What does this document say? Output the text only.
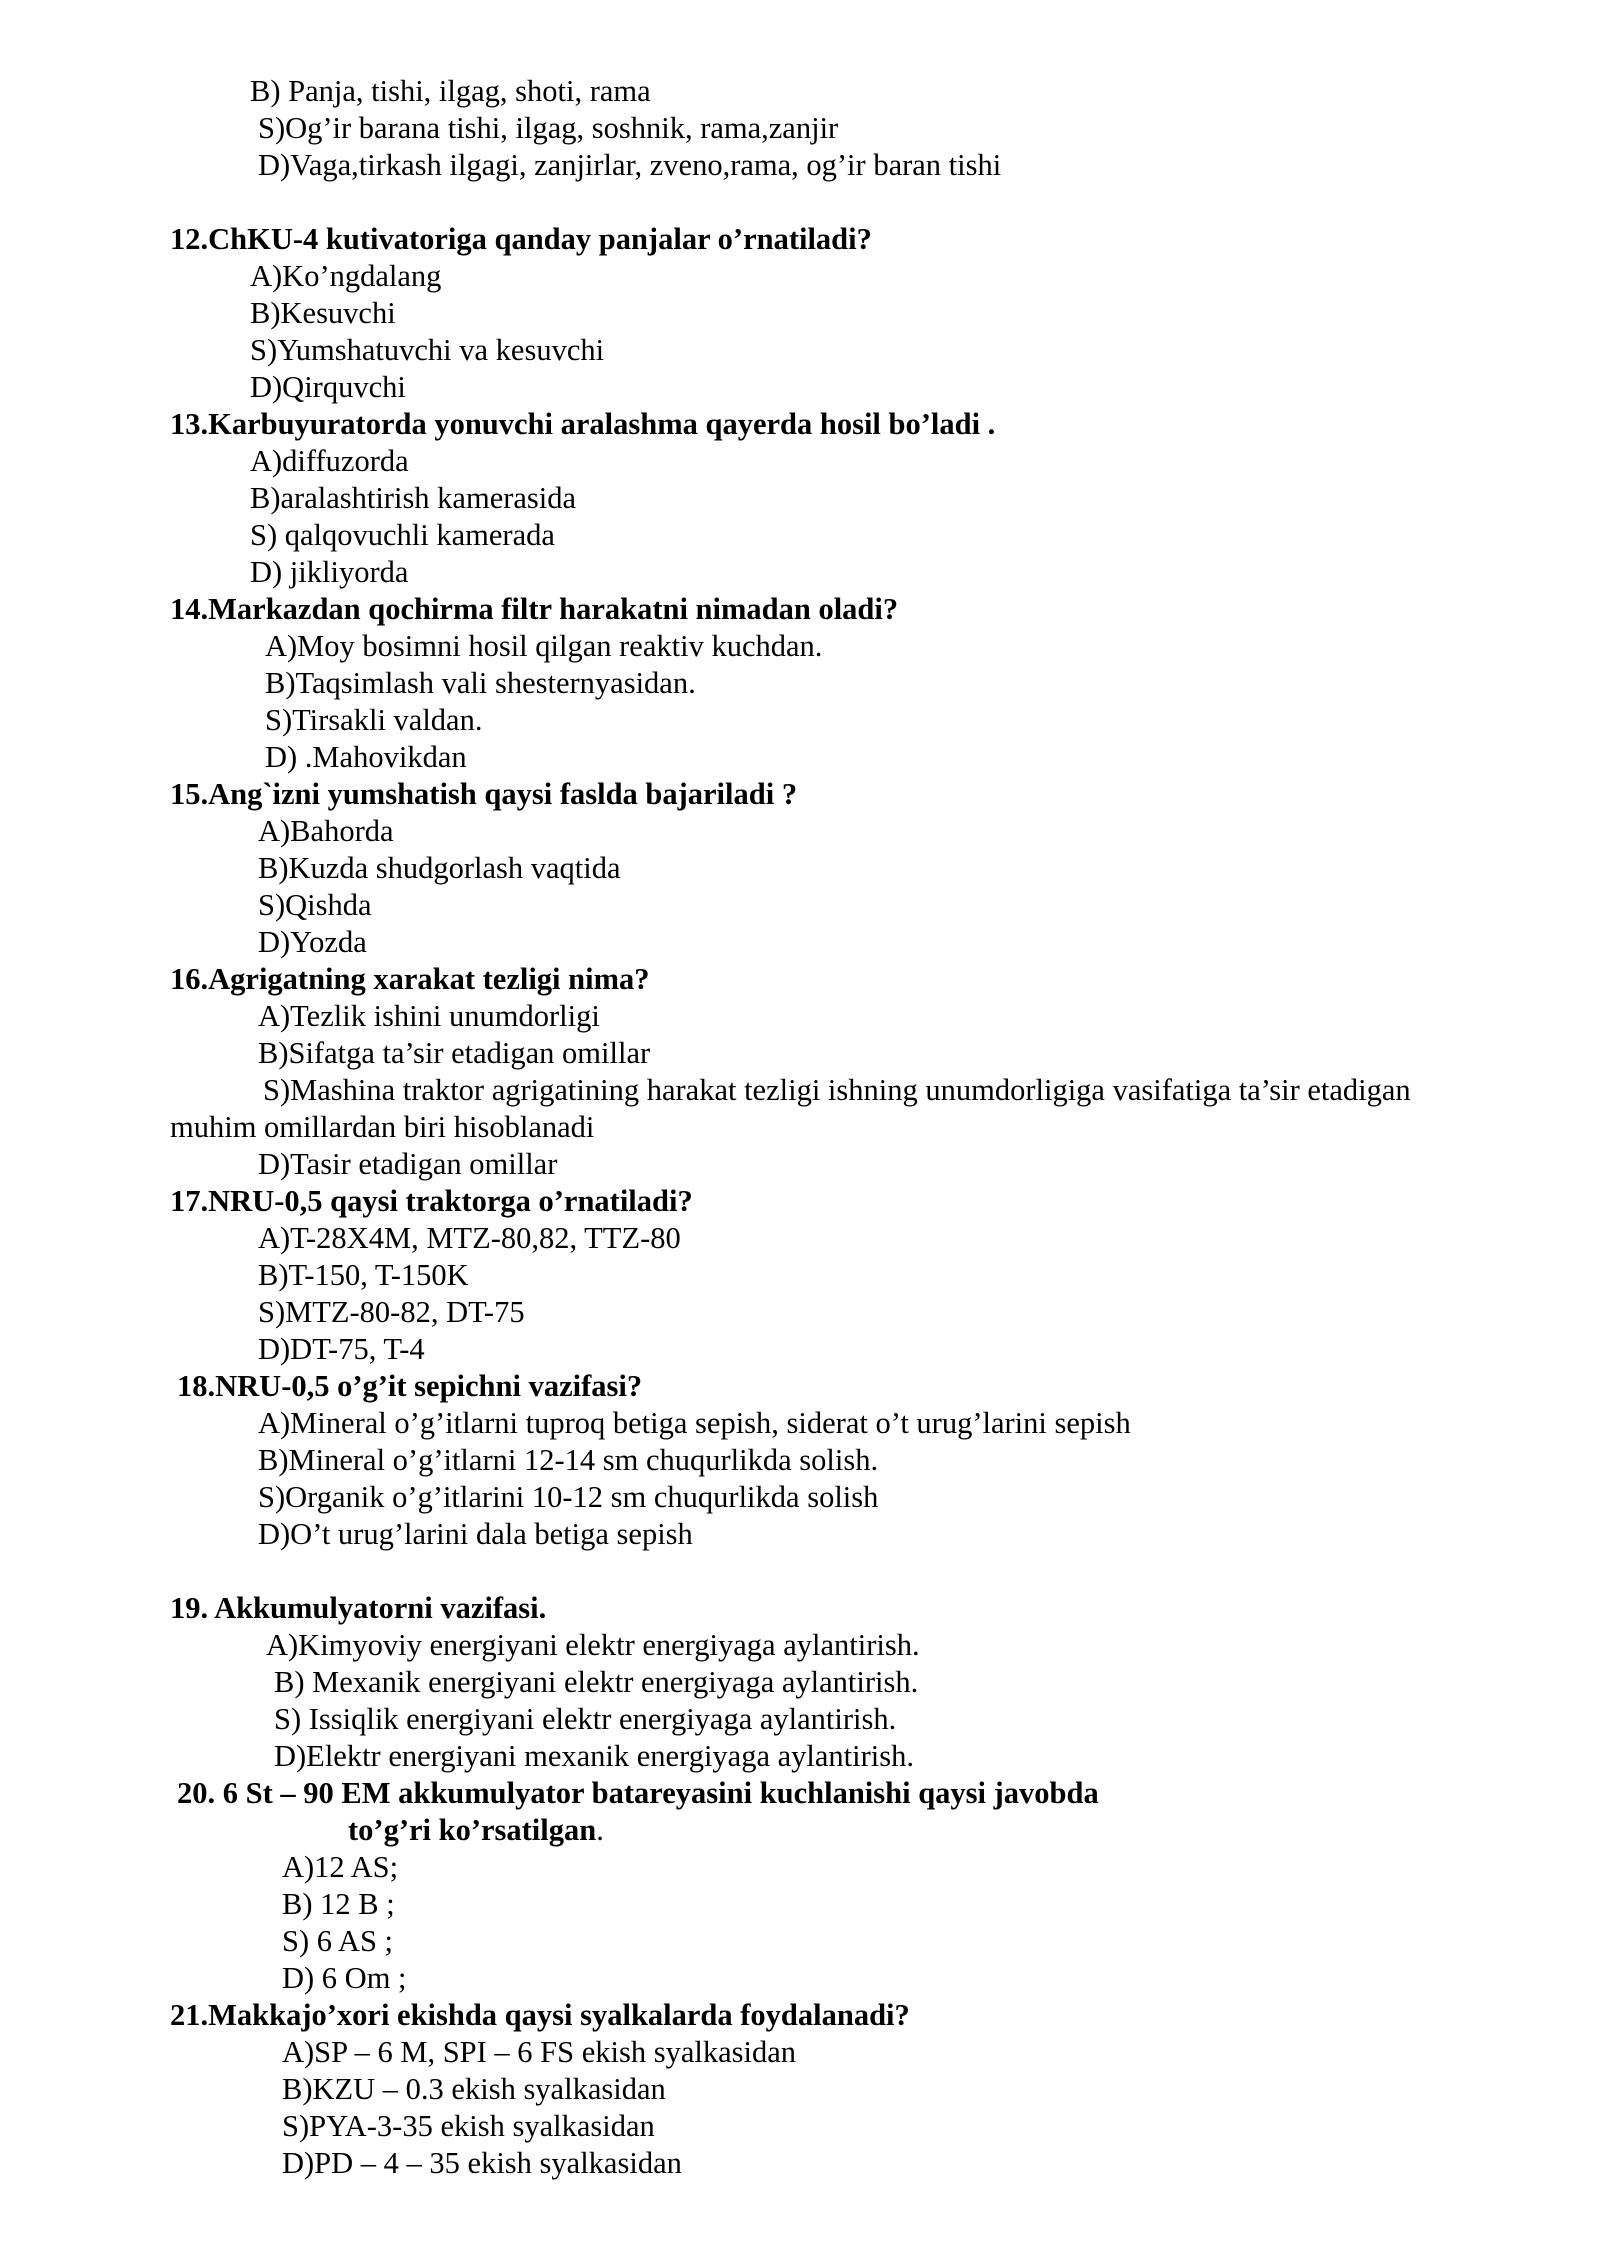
B) Panja, tishi, ilgag, shoti, rama
S)Og’ir barana tishi, ilgag, soshnik, rama,zanjir
D)Vaga,tirkash ilgagi, zanjirlar, zveno,rama, og’ir baran tishi
12.ChKU-4 kutivatoriga qanday panjalar o’rnatiladi?
A)Ko’ngdalang
B)Kesuvchi
S)Yumshatuvchi va kesuvchi
D)Qirquvchi
13.Karbuyuratorda yonuvchi aralashma qayerda hosil bo’ladi .
A)diffuzorda
B)aralashtirish kamerasida
S) qalqovuchli kamerada
D) jikliyorda
14.Markazdan qochirma filtr harakatni nimadan oladi?
A)Moy bosimni hosil qilgan reaktiv kuchdan.
B)Taqsimlash vali shesternyasidan.
S)Tirsakli valdan.
D) .Mahovikdan
15.Ang`izni yumshatish qaysi faslda bajariladi ?
A)Bahorda
B)Kuzda shudgorlash vaqtida
S)Qishda
D)Yozda
16.Agrigatning xarakat tezligi nima?
A)Tezlik ishini unumdorligi
B)Sifatga ta’sir etadigan omillar
S)Mashina traktor agrigatining harakat tezligi ishning unumdorligiga vasifatiga ta’sir etadigan
muhim omillardan biri hisoblanadi
D)Tasir etadigan omillar
17.NRU-0,5 qaysi traktorga o’rnatiladi?
A)T-28X4M, MTZ-80,82, TTZ-80
B)T-150, T-150K
S)MTZ-80-82, DT-75
D)DT-75, T-4
18.NRU-0,5 o’g’it sepichni vazifasi?
A)Mineral o’g’itlarni tuproq betiga sepish, siderat o’t urug’larini sepish
B)Mineral o’g’itlarni 12-14 sm chuqurlikda solish.
S)Organik o’g’itlarini 10-12 sm chuqurlikda solish
D)O’t urug’larini dala betiga sepish
19. Akkumulyatorni vazifasi.
A)Kimyoviy energiyani elektr energiyaga aylantirish.
B) Mexanik energiyani elektr energiyaga aylantirish.
S) Issiqlik energiyani elektr energiyaga aylantirish.
D)Elektr energiyani mexanik energiyaga aylantirish.
20. 6 St – 90 EM akkumulyator batareyasini kuchlanishi qaysi javobda
to’g’ri ko’rsatilgan.
A)12 AS;
B) 12 B ;
S) 6 AS ;
D) 6 Om ;
21.Makkajo’xori ekishda qaysi syalkalarda foydalanadi?
A)SP – 6 M, SPI – 6 FS ekish syalkasidan
B)KZU – 0.3 ekish syalkasidan
S)PYA-3-35 ekish syalkasidan
D)PD – 4 – 35 ekish syalkasidan
